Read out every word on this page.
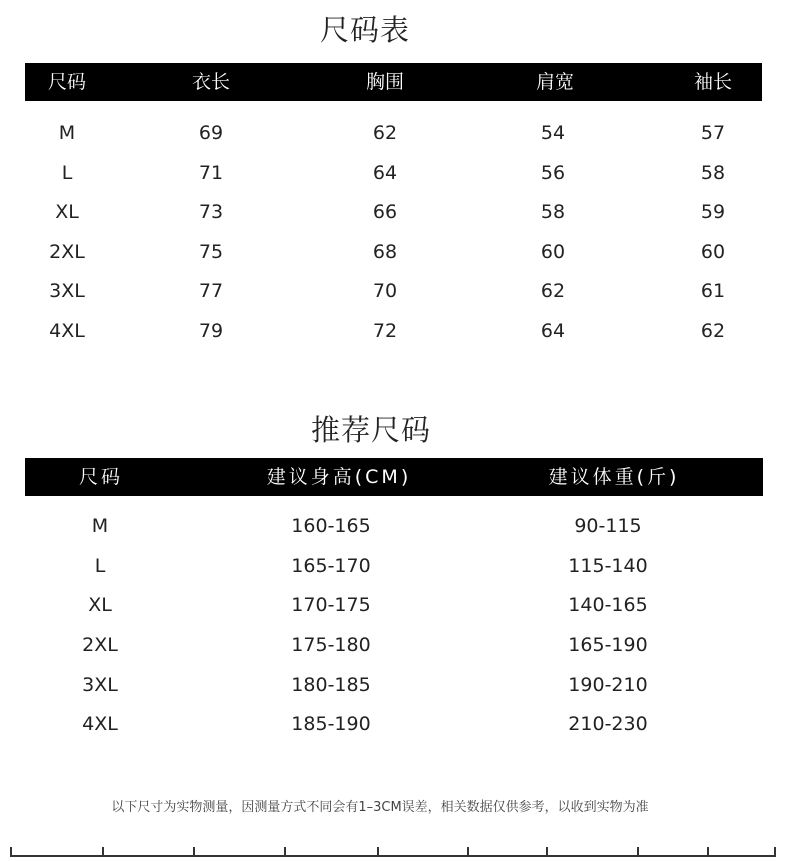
尺码表
尺码	衣长	胸围	肩宽	袖长
M	69	62	54	57
L	71	64	56	58
XL	73	66	58	59
2XL	75	68	60	60
3XL	77	70	62	61
4XL	79	72	64	62
推荐尺码
尺码	建议身高(CM)	建议体重(斤)
M	160-165	90-115
L	165-170	115-140
XL	170-175	140-165
2XL	175-180	165-190
3XL	180-185	190-210
4XL	185-190	210-230
以下尺寸为实物测量，因测量方式不同会有1–3CM误差，相关数据仅供参考，以收到实物为准
